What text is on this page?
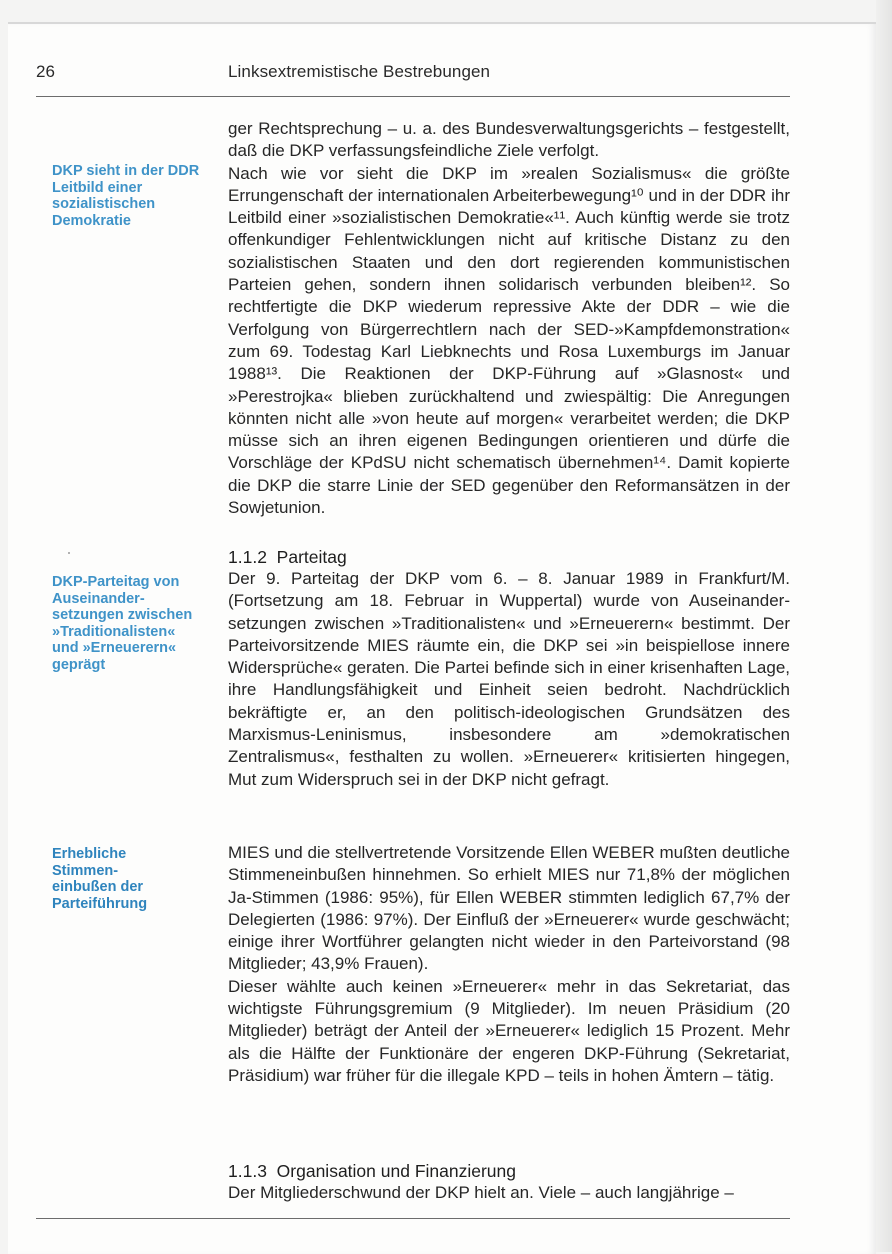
26	Linksextremistische Bestrebungen
DKP sieht in der DDR Leitbild einer sozialistischen Demokratie
DKP-Parteitag von Auseinandersetzungen zwischen »Traditionalisten« und »Erneuerern« geprägt
Erhebliche Stimmeneinbußen der Parteiführung

ger Rechtsprechung – u. a. des Bundesverwaltungsgerichts – festgestellt, daß die DKP verfassungsfeindliche Ziele verfolgt.

Nach wie vor sieht die DKP im »realen Sozialismus« die größte Errungenschaft der internationalen Arbeiterbewegung¹⁰ und in der DDR ihr Leitbild einer »sozialistischen Demokratie«¹¹. Auch künftig werde sie trotz offenkundiger Fehlentwicklungen nicht auf kritische Distanz zu den sozialistischen Staaten und den dort regierenden kommunistischen Parteien gehen, sondern ihnen solidarisch verbunden bleiben¹². So rechtfertigte die DKP wiederum repressive Akte der DDR – wie die Verfolgung von Bürgerrechtlern nach der SED-»Kampfdemonstration« zum 69. Todestag Karl Liebknechts und Rosa Luxemburgs im Januar 1988¹³. Die Reaktionen der DKP-Führung auf »Glasnost« und »Perestrojka« blieben zurückhaltend und zwiespältig: Die Anregungen könnten nicht alle »von heute auf morgen« verarbeitet werden; die DKP müsse sich an ihren eigenen Bedingungen orientieren und dürfe die Vorschläge der KPdSU nicht schematisch übernehmen¹⁴. Damit kopierte die DKP die starre Linie der SED gegenüber den Reformansätzen in der Sowjetunion.

1.1.2 Parteitag

Der 9. Parteitag der DKP vom 6. – 8. Januar 1989 in Frankfurt/M. (Fortsetzung am 18. Februar in Wuppertal) wurde von Auseinandersetzungen zwischen »Traditionalisten« und »Erneuerern« bestimmt. Der Parteivorsitzende MIES räumte ein, die DKP sei »in beispiellose innere Widersprüche« geraten. Die Partei befinde sich in einer krisenhaften Lage, ihre Handlungsfähigkeit und Einheit seien bedroht. Nachdrücklich bekräftigte er, an den politisch-ideologischen Grundsätzen des Marxismus-Leninismus, insbesondere am »demokratischen Zentralismus«, festhalten zu wollen. »Erneuerer« kritisierten hingegen, Mut zum Widerspruch sei in der DKP nicht gefragt.

MIES und die stellvertretende Vorsitzende Ellen WEBER mußten deutliche Stimmeneinbußen hinnehmen. So erhielt MIES nur 71,8% der möglichen Ja-Stimmen (1986: 95%), für Ellen WEBER stimmten lediglich 67,7% der Delegierten (1986: 97%). Der Einfluß der »Erneuerer« wurde geschwächt; einige ihrer Wortführer gelangten nicht wieder in den Parteivorstand (98 Mitglieder; 43,9% Frauen).

Dieser wählte auch keinen »Erneuerer« mehr in das Sekretariat, das wichtigste Führungsgremium (9 Mitglieder). Im neuen Präsidium (20 Mitglieder) beträgt der Anteil der »Erneuerer« lediglich 15 Prozent. Mehr als die Hälfte der Funktionäre der engeren DKP-Führung (Sekretariat, Präsidium) war früher für die illegale KPD – teils in hohen Ämtern – tätig.

1.1.3 Organisation und Finanzierung

Der Mitgliederschwund der DKP hielt an. Viele – auch langjährige –
